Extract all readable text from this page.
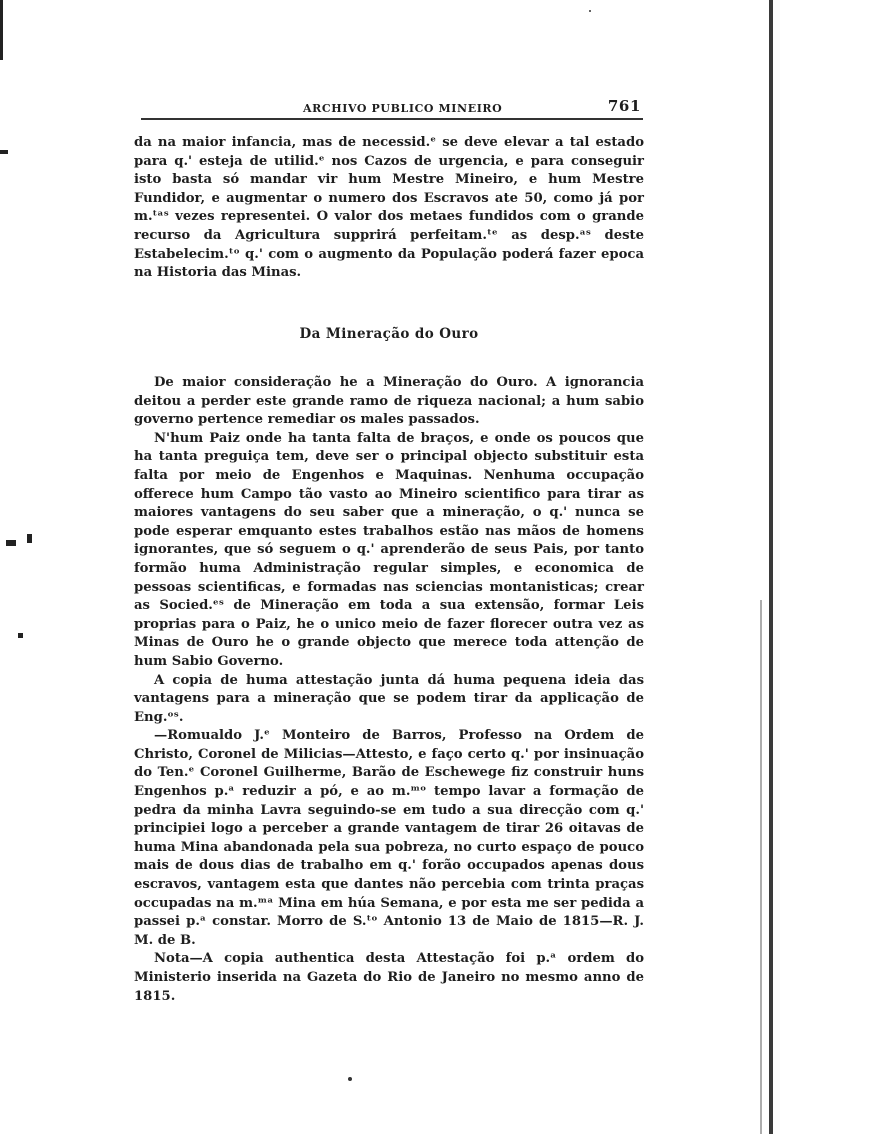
ARCHIVO PUBLICO MINEIRO	761

da na maior infancia, mas de necessid.ᵉ se deve elevar a tal estado para q.' esteja de utilid.ᵉ nos Cazos de urgencia, e para conseguir isto basta só mandar vir hum Mestre Mineiro, e hum Mestre Fundidor, e augmentar o numero dos Escravos ate 50, como já por m.ᵗᵃˢ vezes representei. O valor dos metaes fundidos com o grande recurso da Agricultura supprirá perfeitam.ᵗᵉ as desp.ᵃˢ deste Estabelecim.ᵗᵒ q.' com o augmento da População poderá fazer epoca na Historia das Minas.

Da Mineração do Ouro

De maior consideração he a Mineração do Ouro. A ignorancia deitou a perder este grande ramo de riqueza nacional; a hum sabio governo pertence remediar os males passados.

N'hum Paiz onde ha tanta falta de braços, e onde os poucos que ha tanta preguiça tem, deve ser o principal objecto substituir esta falta por meio de Engenhos e Maquinas. Nenhuma occupação offerece hum Campo tão vasto ao Mineiro scientifico para tirar as maiores vantagens do seu saber que a mineração, o q.' nunca se pode esperar emquanto estes trabalhos estão nas mãos de homens ignorantes, que só seguem o q.' aprenderão de seus Pais, por tanto formão huma Administração regular simples, e economica de pessoas scientificas, e formadas nas sciencias montanisticas; crear as Socied.ᵉˢ de Mineração em toda a sua extensão, formar Leis proprias para o Paiz, he o unico meio de fazer florecer outra vez as Minas de Ouro he o grande objecto que merece toda attenção de hum Sabio Governo.

A copia de huma attestação junta dá huma pequena ideia das vantagens para a mineração que se podem tirar da applicação de Eng.ᵒˢ.

—Romualdo J.ᵉ Monteiro de Barros, Professo na Ordem de Christo, Coronel de Milicias—Attesto, e faço certo q.' por insinuação do Ten.ᵉ Coronel Guilherme, Barão de Eschewege fiz construir huns Engenhos p.ᵃ reduzir a pó, e ao m.ᵐᵒ tempo lavar a formação de pedra da minha Lavra seguindo-se em tudo a sua direcção com q.' principiei logo a perceber a grande vantagem de tirar 26 oitavas de huma Mina abandonada pela sua pobreza, no curto espaço de pouco mais de dous dias de trabalho em q.' forão occupados apenas dous escravos, vantagem esta que dantes não percebia com trinta praças occupadas na m.ᵐᵃ Mina em húa Semana, e por esta me ser pedida a passei p.ᵃ constar. Morro de S.ᵗᵒ Antonio 13 de Maio de 1815—R. J. M. de B.

Nota—A copia authentica desta Attestação foi p.ᵃ ordem do Ministerio inserida na Gazeta do Rio de Janeiro no mesmo anno de 1815.
